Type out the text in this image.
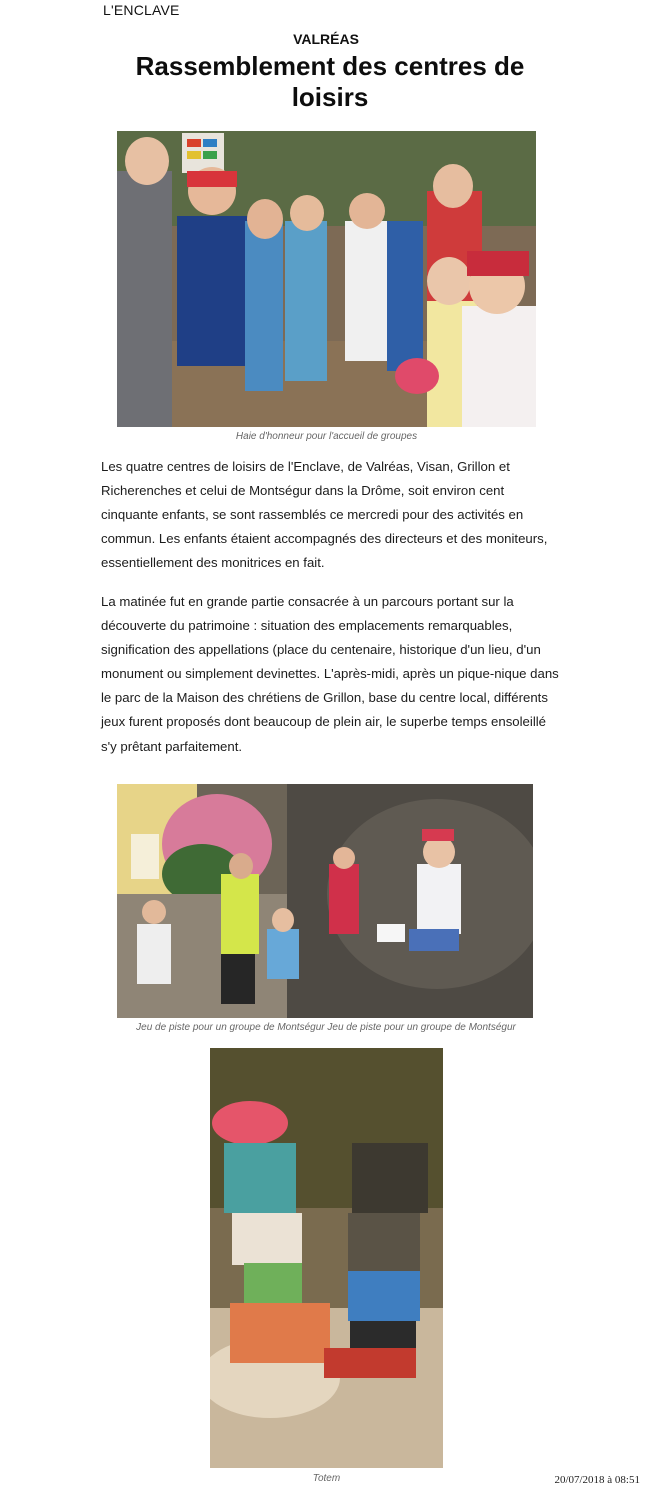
L'ENCLAVE
VALRÉAS
Rassemblement des centres de loisirs
Haie d'honneur pour l'accueil de groupes

Les quatre centres de loisirs de l'Enclave, de Valréas, Visan, Grillon et Richerenches et celui de Montségur dans la Drôme, soit environ cent cinquante enfants, se sont rassemblés ce mercredi pour des activités en commun. Les enfants étaient accompagnés des directeurs et des moniteurs, essentiellement des monitrices en fait.

La matinée fut en grande partie consacrée à un parcours portant sur la découverte du patrimoine : situation des emplacements remarquables, signification des appellations (place du centenaire, historique d'un lieu, d'un monument ou simplement devinettes. L'après-midi, après un pique-nique dans le parc de la Maison des chrétiens de Grillon, base du centre local, différents jeux furent proposés dont beaucoup de plein air, le superbe temps ensoleillé s'y prêtant parfaitement.

Jeu de piste pour un groupe de Montségur Jeu de piste pour un groupe de Montségur
Totem	20/07/2018 à 08:51
